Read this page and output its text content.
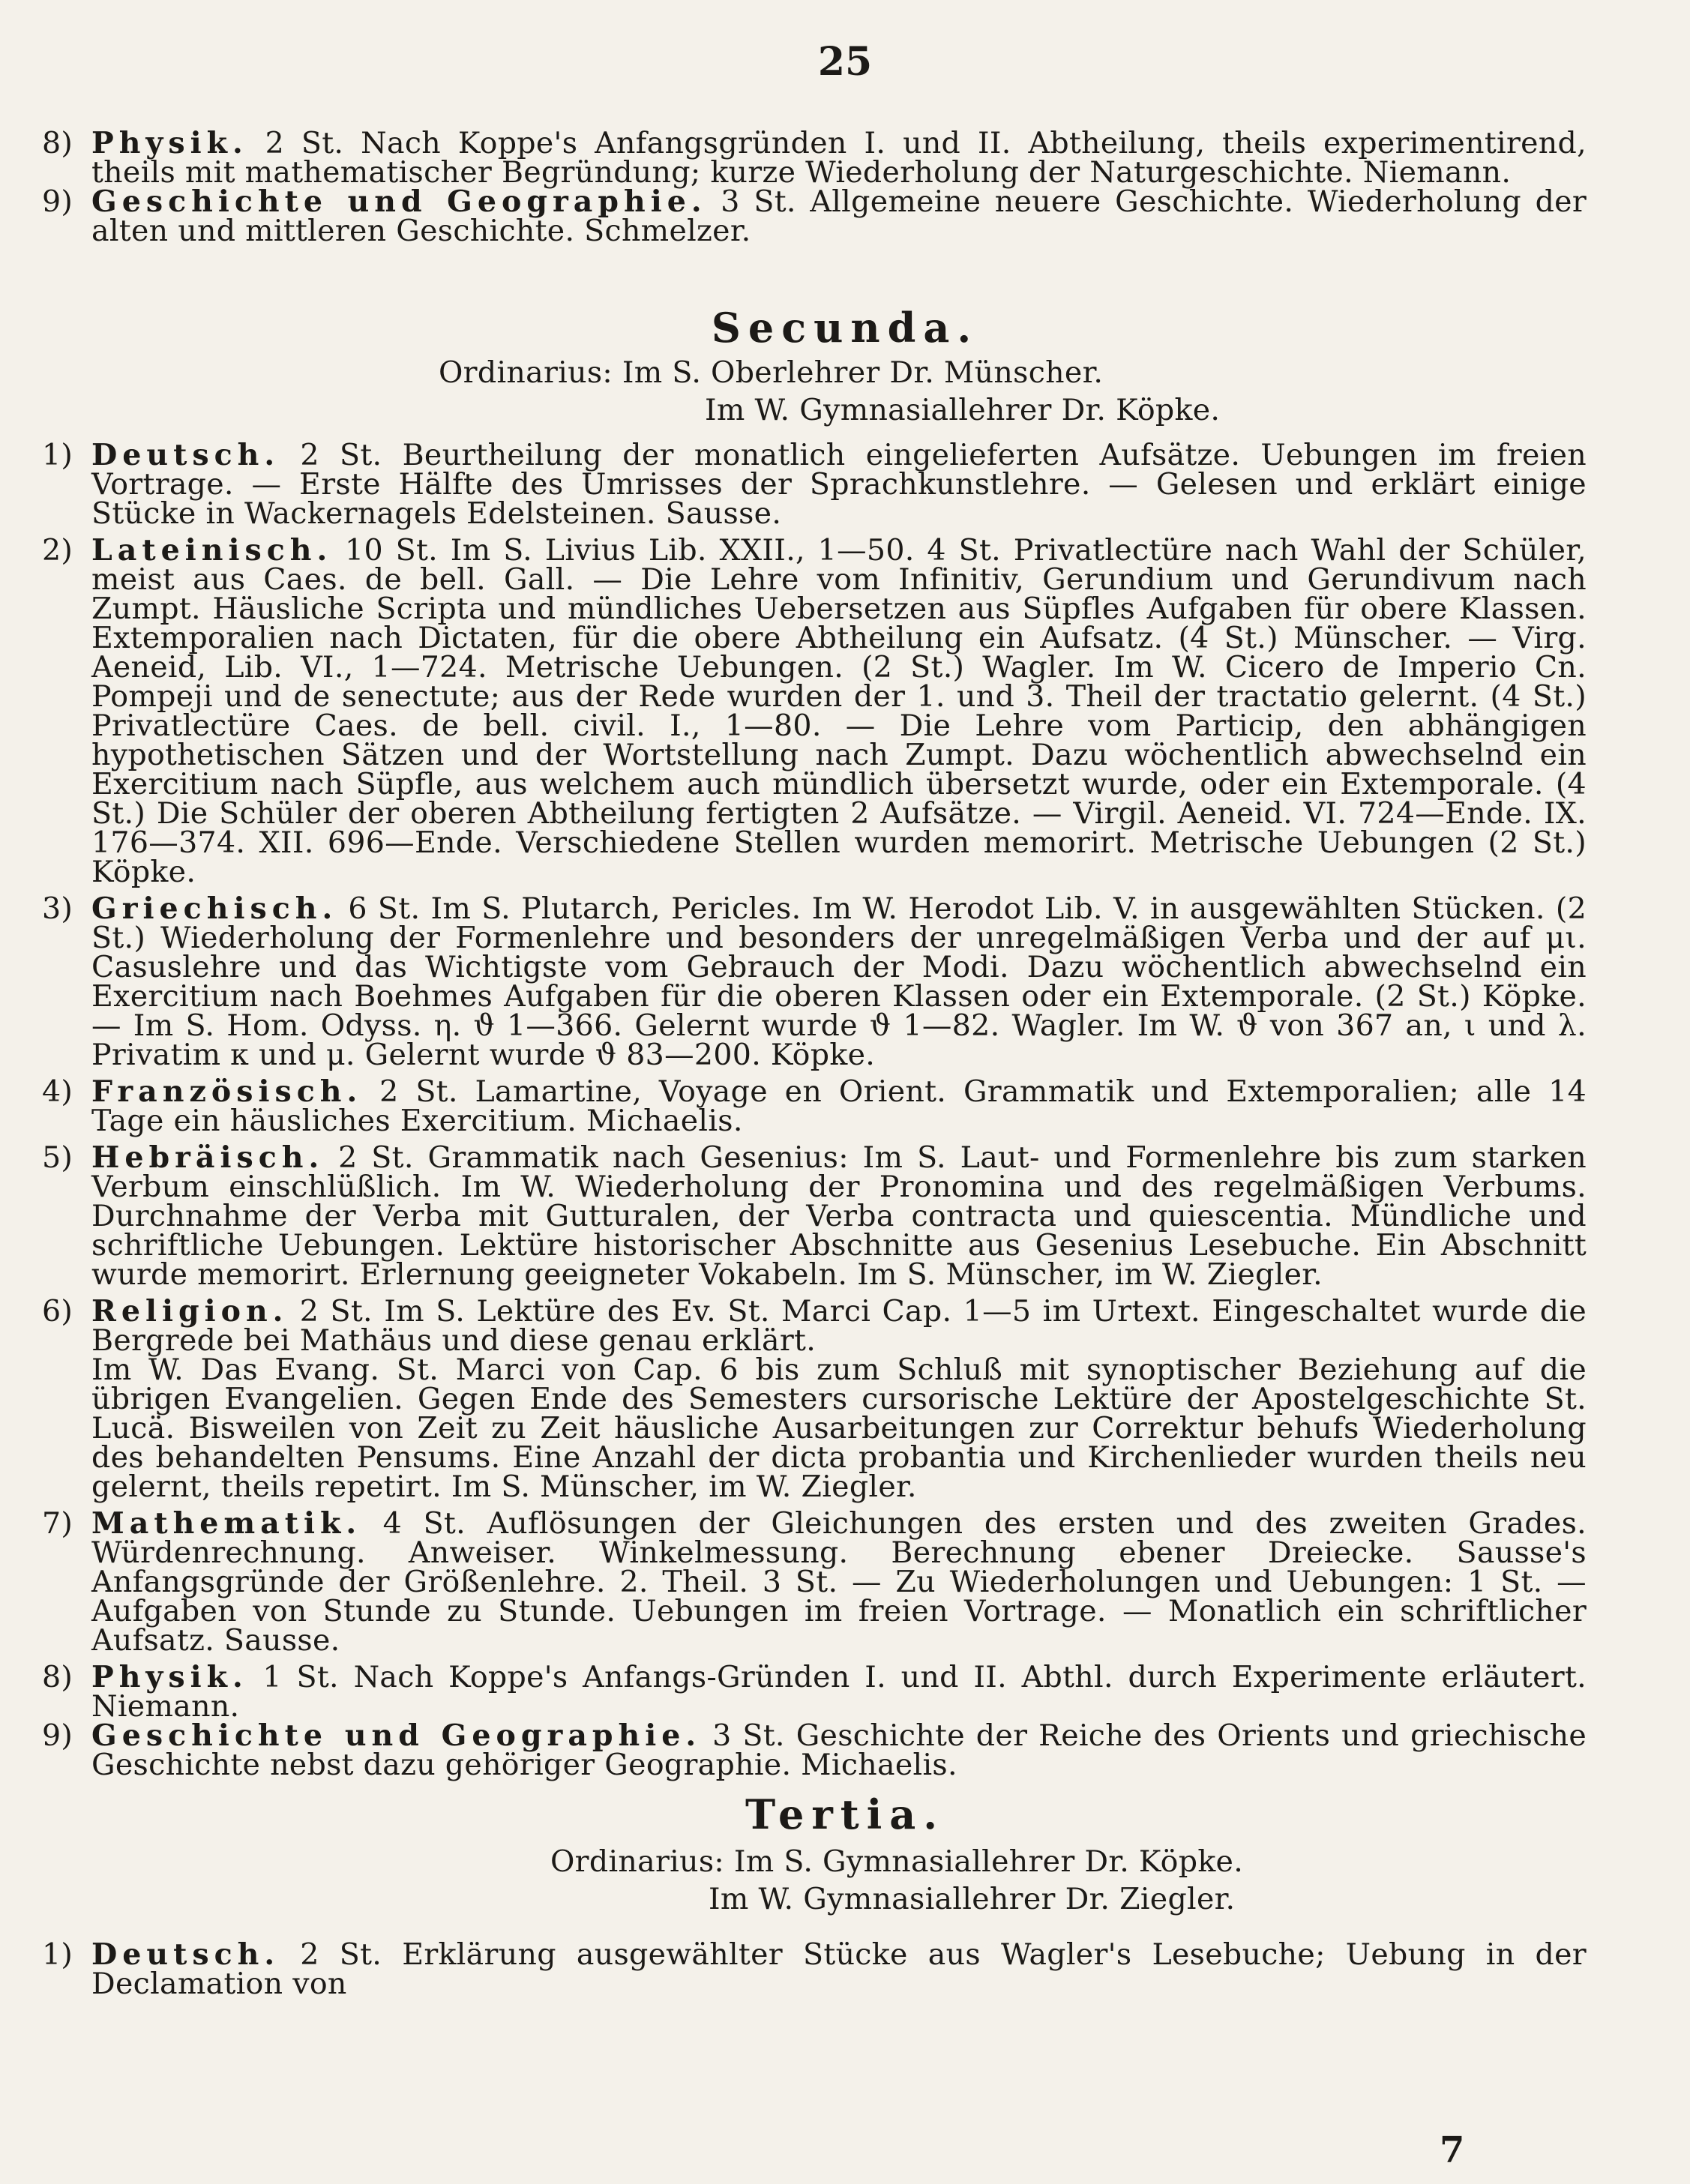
25
8) Physik. 2 St. Nach Koppe's Anfangsgründen I. und II. Abtheilung, theils experimentirend, theils mit mathematischer Begründung; kurze Wiederholung der Naturgeschichte. Niemann.

9) Geschichte und Geographie. 3 St. Allgemeine neuere Geschichte. Wiederholung der alten und mittleren Geschichte. Schmelzer.

Secunda.
Ordinarius: Im S. Oberlehrer Dr. Münscher.
Im W. Gymnasiallehrer Dr. Köpke.
1) Deutsch. 2 St. Beurtheilung der monatlich eingelieferten Aufsätze. Uebungen im freien Vortrage. — Erste Hälfte des Umrisses der Sprachkunstlehre. — Gelesen und erklärt einige Stücke in Wackernagels Edelsteinen. Sausse.

2) Lateinisch. 10 St. Im S. Livius Lib. XXII., 1—50. 4 St. Privatlectüre nach Wahl der Schüler, meist aus Caes. de bell. Gall. — Die Lehre vom Infinitiv, Gerundium und Gerundivum nach Zumpt. Häusliche Scripta und mündliches Uebersetzen aus Süpfles Aufgaben für obere Klassen. Extemporalien nach Dictaten, für die obere Abtheilung ein Aufsatz. (4 St.) Münscher. — Virg. Aeneid, Lib. VI., 1—724. Metrische Uebungen. (2 St.) Wagler. Im W. Cicero de Imperio Cn. Pompeji und de senectute; aus der Rede wurden der 1. und 3. Theil der tractatio gelernt. (4 St.) Privatlectüre Caes. de bell. civil. I., 1—80. — Die Lehre vom Particip, den abhängigen hypothetischen Sätzen und der Wortstellung nach Zumpt. Dazu wöchentlich abwechselnd ein Exercitium nach Süpfle, aus welchem auch mündlich übersetzt wurde, oder ein Extemporale. (4 St.) Die Schüler der oberen Abtheilung fertigten 2 Aufsätze. — Virgil. Aeneid. VI. 724—Ende. IX. 176—374. XII. 696—Ende. Verschiedene Stellen wurden memorirt. Metrische Uebungen (2 St.) Köpke.

3) Griechisch. 6 St. Im S. Plutarch, Pericles. Im W. Herodot Lib. V. in ausgewählten Stücken. (2 St.) Wiederholung der Formenlehre und besonders der unregelmäßigen Verba und der auf μι. Casuslehre und das Wichtigste vom Gebrauch der Modi. Dazu wöchentlich abwechselnd ein Exercitium nach Boehmes Aufgaben für die oberen Klassen oder ein Extemporale. (2 St.) Köpke. — Im S. Hom. Odyss. η. ϑ 1—366. Gelernt wurde ϑ 1—82. Wagler. Im W. ϑ von 367 an, ι und λ. Privatim κ und μ. Gelernt wurde ϑ 83—200. Köpke.

4) Französisch. 2 St. Lamartine, Voyage en Orient. Grammatik und Extemporalien; alle 14 Tage ein häusliches Exercitium. Michaelis.

5) Hebräisch. 2 St. Grammatik nach Gesenius: Im S. Laut- und Formenlehre bis zum starken Verbum einschlüßlich. Im W. Wiederholung der Pronomina und des regelmäßigen Verbums. Durchnahme der Verba mit Gutturalen, der Verba contracta und quiescentia. Mündliche und schriftliche Uebungen. Lektüre historischer Abschnitte aus Gesenius Lesebuche. Ein Abschnitt wurde memorirt. Erlernung geeigneter Vokabeln. Im S. Münscher, im W. Ziegler.

6) Religion. 2 St. Im S. Lektüre des Ev. St. Marci Cap. 1—5 im Urtext. Eingeschaltet wurde die Bergrede bei Mathäus und diese genau erklärt.

Im W. Das Evang. St. Marci von Cap. 6 bis zum Schluß mit synoptischer Beziehung auf die übrigen Evangelien. Gegen Ende des Semesters cursorische Lektüre der Apostelgeschichte St. Lucä. Bisweilen von Zeit zu Zeit häusliche Ausarbeitungen zur Correktur behufs Wiederholung des behandelten Pensums. Eine Anzahl der dicta probantia und Kirchenlieder wurden theils neu gelernt, theils repetirt. Im S. Münscher, im W. Ziegler.

7) Mathematik. 4 St. Auflösungen der Gleichungen des ersten und des zweiten Grades. Würdenrechnung. Anweiser. Winkelmessung. Berechnung ebener Dreiecke. Sausse's Anfangsgründe der Größenlehre. 2. Theil. 3 St. — Zu Wiederholungen und Uebungen: 1 St. — Aufgaben von Stunde zu Stunde. Uebungen im freien Vortrage. — Monatlich ein schriftlicher Aufsatz. Sausse.

8) Physik. 1 St. Nach Koppe's Anfangs-Gründen I. und II. Abthl. durch Experimente erläutert. Niemann.

9) Geschichte und Geographie. 3 St. Geschichte der Reiche des Orients und griechische Geschichte nebst dazu gehöriger Geographie. Michaelis.

Tertia.
Ordinarius: Im S. Gymnasiallehrer Dr. Köpke.
Im W. Gymnasiallehrer Dr. Ziegler.
1) Deutsch. 2 St. Erklärung ausgewählter Stücke aus Wagler's Lesebuche; Uebung in der Declamation von

7
